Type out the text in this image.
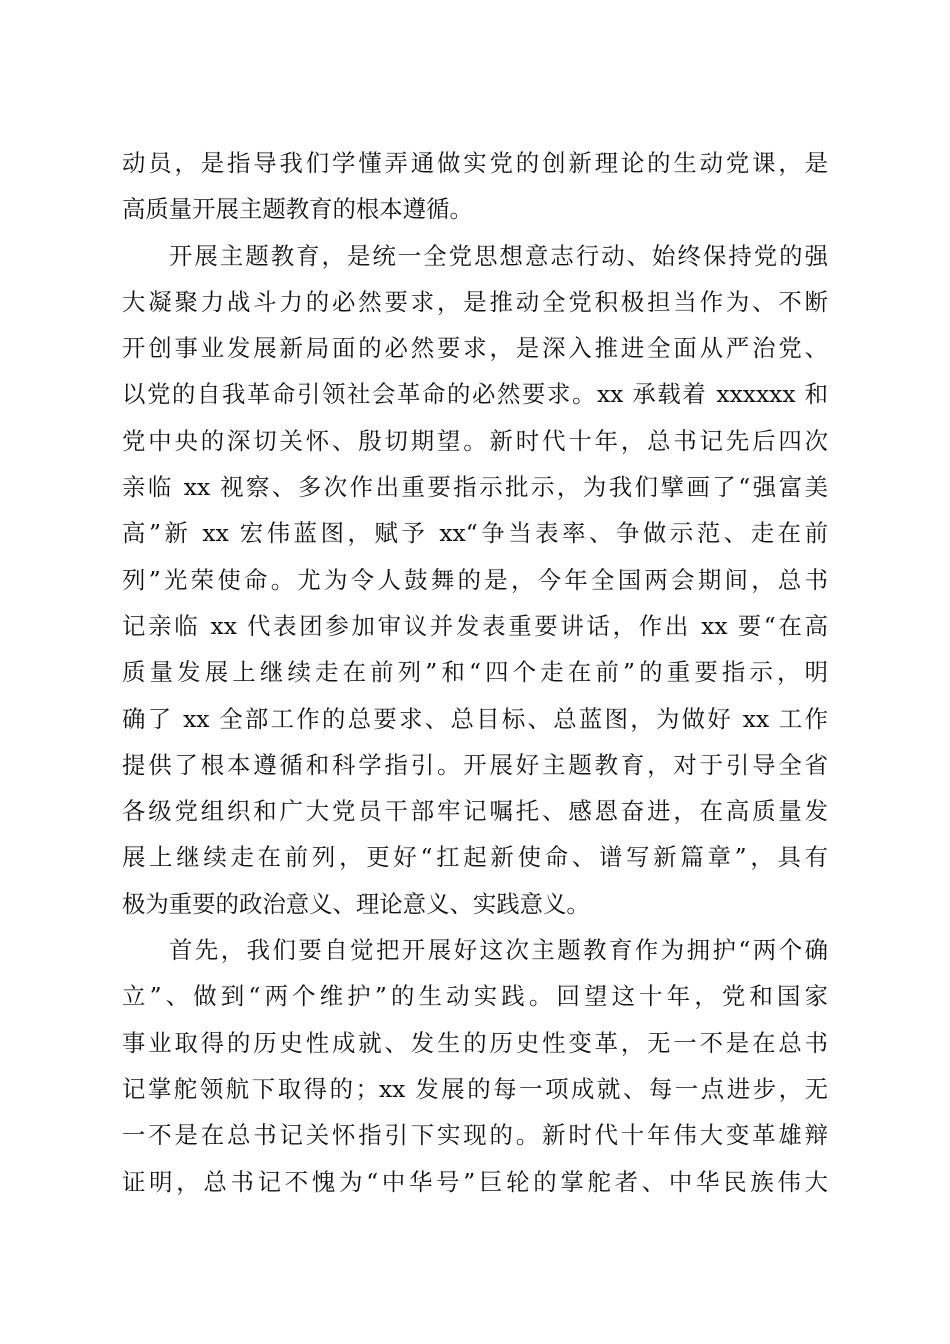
动员，是指导我们学懂弄通做实党的创新理论的生动党课，是
高质量开展主题教育的根本遵循。
开展主题教育，是统一全党思想意志行动、始终保持党的强
大凝聚力战斗力的必然要求，是推动全党积极担当作为、不断
开创事业发展新局面的必然要求，是深入推进全面从严治党、
以党的自我革命引领社会革命的必然要求。xx 承载着 xxxxxx 和
党中央的深切关怀、殷切期望。新时代十年，总书记先后四次
亲临 xx 视察、多次作出重要指示批示，为我们擘画了“强富美
高”新 xx 宏伟蓝图，赋予 xx“争当表率、争做示范、走在前
列”光荣使命。尤为令人鼓舞的是，今年全国两会期间，总书
记亲临 xx 代表团参加审议并发表重要讲话，作出 xx 要“在高
质量发展上继续走在前列”和“四个走在前”的重要指示，明
确了 xx 全部工作的总要求、总目标、总蓝图，为做好 xx 工作
提供了根本遵循和科学指引。开展好主题教育，对于引导全省
各级党组织和广大党员干部牢记嘱托、感恩奋进，在高质量发
展上继续走在前列，更好“扛起新使命、谱写新篇章”，具有
极为重要的政治意义、理论意义、实践意义。
首先，我们要自觉把开展好这次主题教育作为拥护“两个确
立”、做到“两个维护”的生动实践。回望这十年，党和国家
事业取得的历史性成就、发生的历史性变革，无一不是在总书
记掌舵领航下取得的；xx 发展的每一项成就、每一点进步，无
一不是在总书记关怀指引下实现的。新时代十年伟大变革雄辩
证明，总书记不愧为“中华号”巨轮的掌舵者、中华民族伟大
